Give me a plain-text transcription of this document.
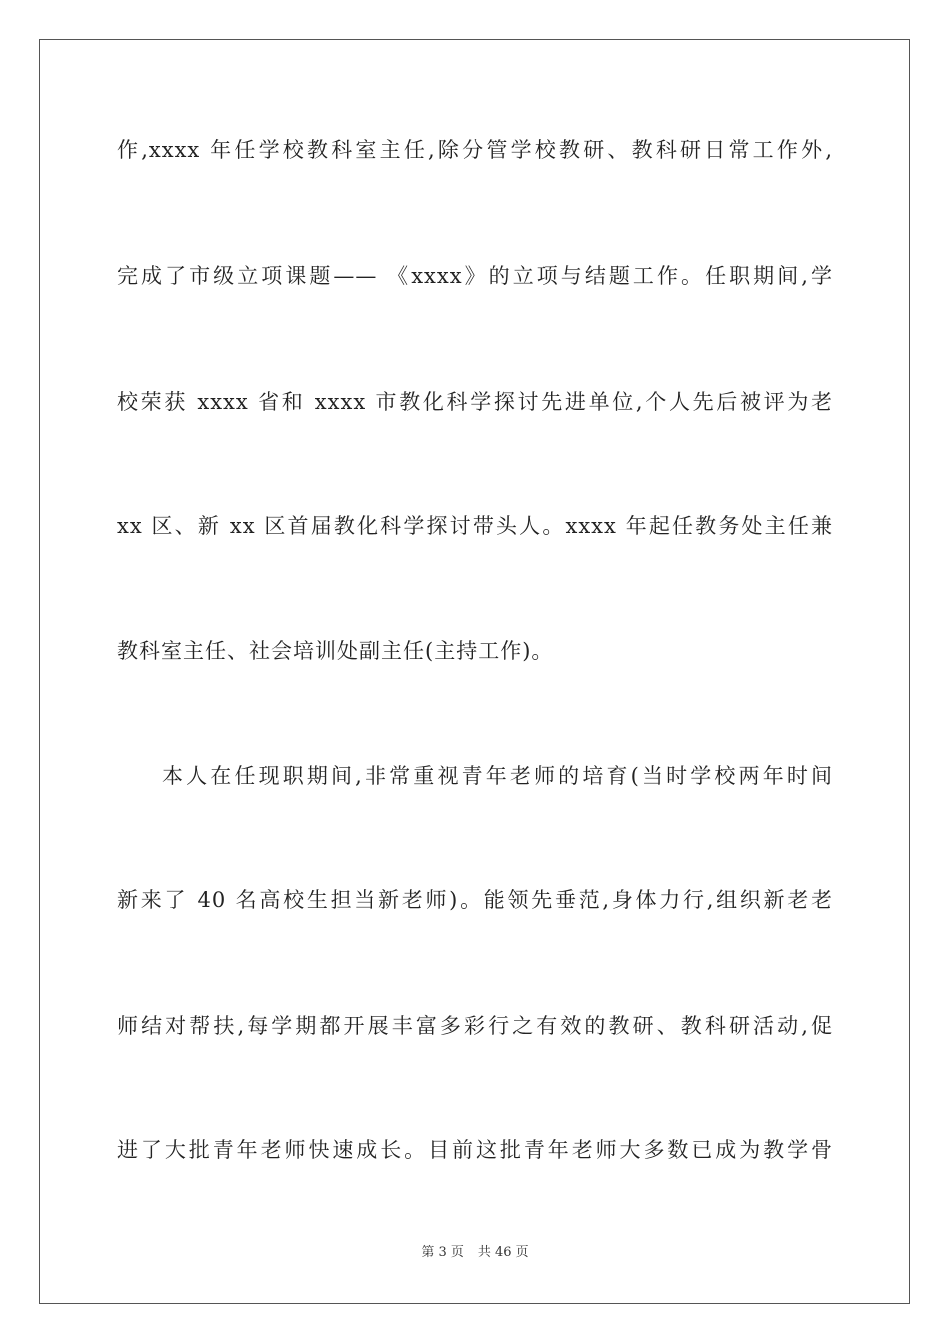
作,xxxx 年任学校教科室主任,除分管学校教研、教科研日常工作外,
完成了市级立项课题—— 《xxxx》的立项与结题工作。任职期间,学
校荣获 xxxx 省和 xxxx 市教化科学探讨先进单位,个人先后被评为老
xx 区、新 xx 区首届教化科学探讨带头人。xxxx 年起任教务处主任兼
教科室主任、社会培训处副主任(主持工作)。
本人在任现职期间,非常重视青年老师的培育(当时学校两年时间
新来了 40 名高校生担当新老师)。能领先垂范,身体力行,组织新老老
师结对帮扶,每学期都开展丰富多彩行之有效的教研、教科研活动,促
进了大批青年老师快速成长。目前这批青年老师大多数已成为教学骨
第 3 页 共 46 页
